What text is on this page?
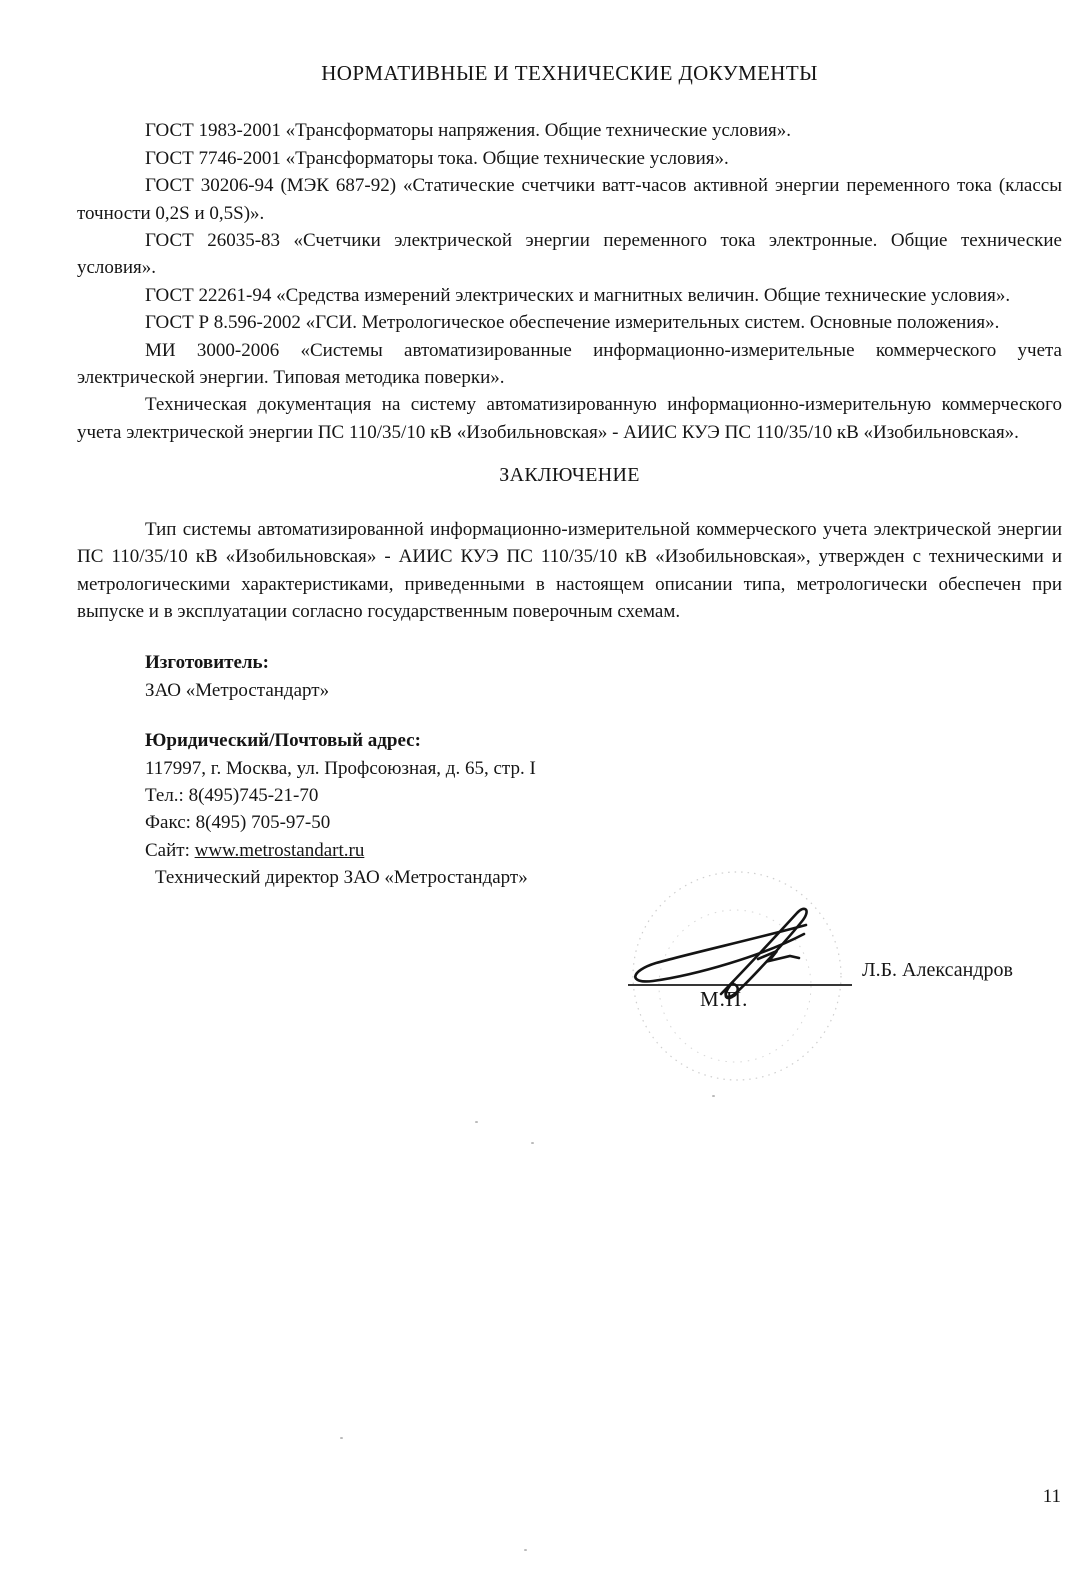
НОРМАТИВНЫЕ И ТЕХНИЧЕСКИЕ ДОКУМЕНТЫ

ГОСТ 1983-2001 «Трансформаторы напряжения. Общие технические условия».

ГОСТ 7746-2001 «Трансформаторы тока. Общие технические условия».

ГОСТ 30206-94 (МЭК 687-92) «Статические счетчики ватт-часов активной энергии переменного тока (классы точности 0,2S и 0,5S)».

ГОСТ 26035-83 «Счетчики электрической энергии переменного тока электронные. Общие технические условия».

ГОСТ 22261-94 «Средства измерений электрических и магнитных величин. Общие технические условия».

ГОСТ Р 8.596-2002 «ГСИ. Метрологическое обеспечение измерительных систем. Основные положения».

МИ 3000-2006 «Системы автоматизированные информационно-измерительные коммерческого учета электрической энергии. Типовая методика поверки».

Техническая документация на систему автоматизированную информационно-измерительную коммерческого учета электрической энергии ПС 110/35/10 кВ «Изобильновская» - АИИС КУЭ ПС 110/35/10 кВ «Изобильновская».

ЗАКЛЮЧЕНИЕ

Тип системы автоматизированной информационно-измерительной коммерческого учета электрической энергии ПС 110/35/10 кВ «Изобильновская» - АИИС КУЭ ПС 110/35/10 кВ «Изобильновская», утвержден с техническими и метрологическими характеристиками, приведенными в настоящем описании типа, метрологически обеспечен при выпуске и в эксплуатации согласно государственным поверочным схемам.

Изготовитель:

ЗАО «Метростандарт»

Юридический/Почтовый адрес:

117997, г. Москва, ул. Профсоюзная, д. 65, стр. I

Тел.: 8(495)745-21-70

Факс: 8(495) 705-97-50

Сайт: www.metrostandart.ru

Технический директор ЗАО «Метростандарт»

М.П.
Л.Б. Александров
11
